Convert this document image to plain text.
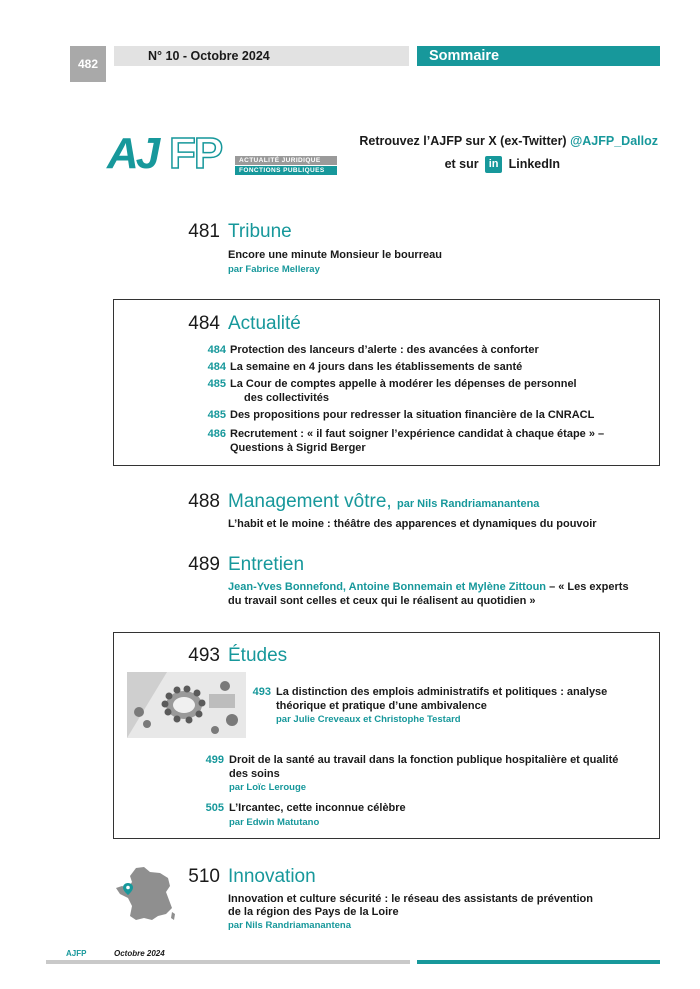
482
N° 10 - Octobre 2024	Sommaire
AJ FP	ACTUALITÉ JURIDIQUE
FONCTIONS PUBLIQUES
Retrouvez l’AJFP sur X (ex-Twitter) @AJFP_Dalloz
et sur in LinkedIn
481 Tribune
Encore une minute Monsieur le bourreau
par Fabrice Melleray
484 Actualité
484 Protection des lanceurs d’alerte : des avancées à conforter
484 La semaine en 4 jours dans les établissements de santé
485 La Cour de comptes appelle à modérer les dépenses de personnel
des collectivités
485 Des propositions pour redresser la situation financière de la CNRACL
486 Recrutement : « il faut soigner l’expérience candidat à chaque étape » –
Questions à Sigrid Berger
488 Management vôtre, par Nils Randriamanantena
L’habit et le moine : théâtre des apparences et dynamiques du pouvoir
489 Entretien
Jean-Yves Bonnefond, Antoine Bonnemain et Mylène Zittoun – « Les experts
du travail sont celles et ceux qui le réalisent au quotidien »
493 Études
493 La distinction des emplois administratifs et politiques : analyse
théorique et pratique d’une ambivalence
par Julie Creveaux et Christophe Testard
499 Droit de la santé au travail dans la fonction publique hospitalière et qualité
des soins
par Loïc Lerouge
505 L’Ircantec, cette inconnue célèbre
par Edwin Matutano
510 Innovation
Innovation et culture sécurité : le réseau des assistants de prévention
de la région des Pays de la Loire
par Nils Randriamanantena
AJFP	Octobre 2024
